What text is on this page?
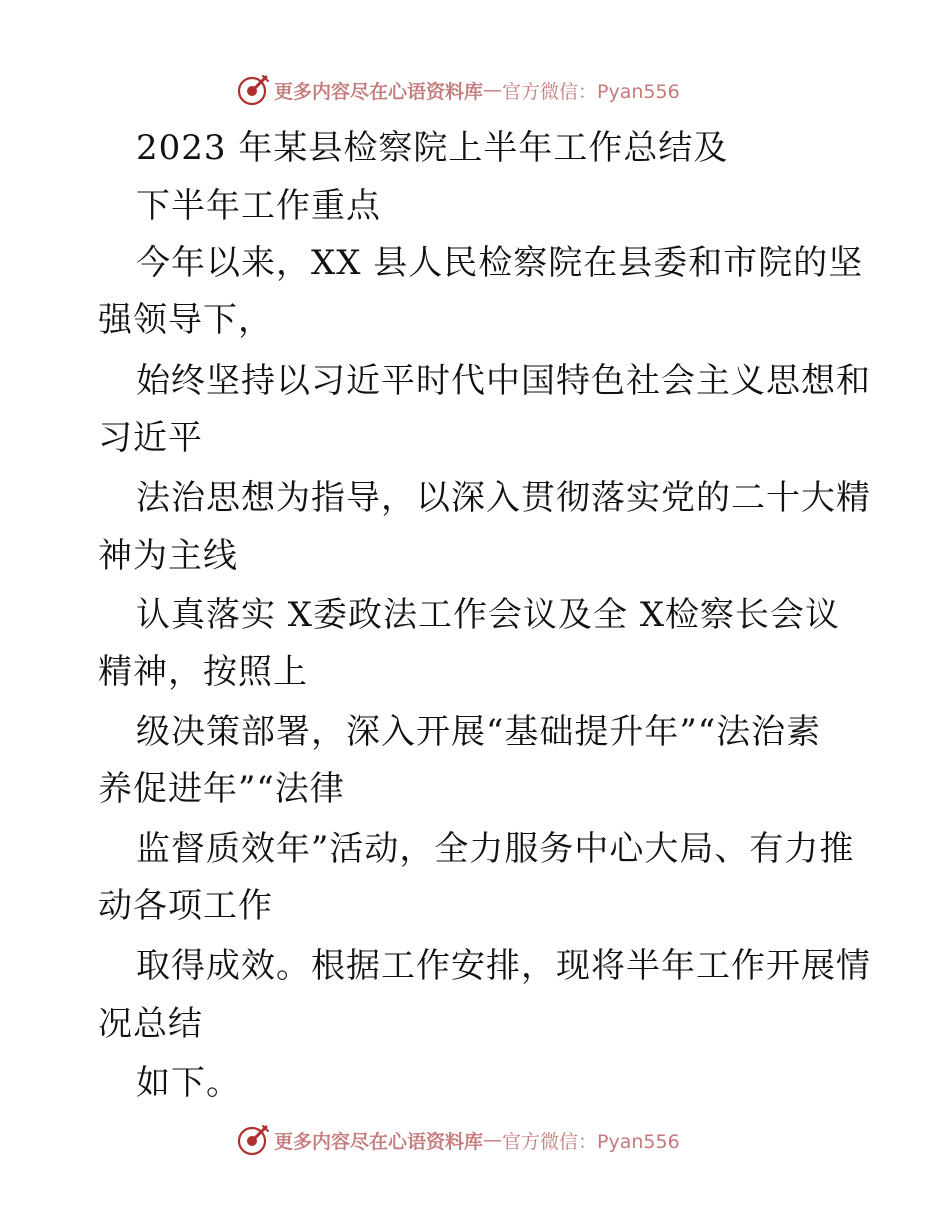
更多内容尽在心语资料库 — 官方微信：Pyan556
2023 年某县检察院上半年工作总结及
下半年工作重点
今年以来，XX 县人民检察院在县委和市院的坚
强领导下，
始终坚持以习近平时代中国特色社会主义思想和
习近平
法治思想为指导，以深入贯彻落实党的二十大精
神为主线
认真落实 X委政法工作会议及全 X检察长会议
精神，按照上
级决策部署，深入开展“基础提升年”“法治素
养促进年”“法律
监督质效年”活动，全力服务中心大局、有力推
动各项工作
取得成效。根据工作安排，现将半年工作开展情
况总结
如下。
更多内容尽在心语资料库 — 官方微信：Pyan556
